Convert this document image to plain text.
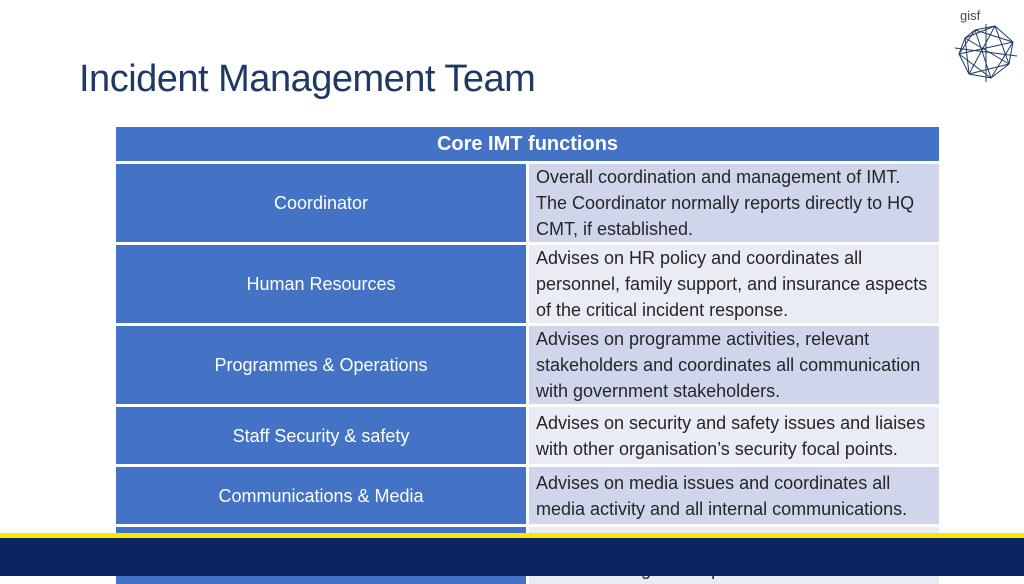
Incident Management Team
gisf
Core IMT functions	
Coordinator	Overall coordination and management of IMT. The Coordinator normally reports directly to HQ CMT, if established.
Human Resources	Advises on HR policy and coordinates all personnel, family support, and insurance aspects of the critical incident response.
Programmes & Operations	Advises on programme activities, relevant stakeholders and coordinates all communication with government stakeholders.
Staff Security & safety	Advises on security and safety issues and liaises with other organisation’s security focal points.
Communications & Media	Advises on media issues and coordinates all media activity and all internal communications.
